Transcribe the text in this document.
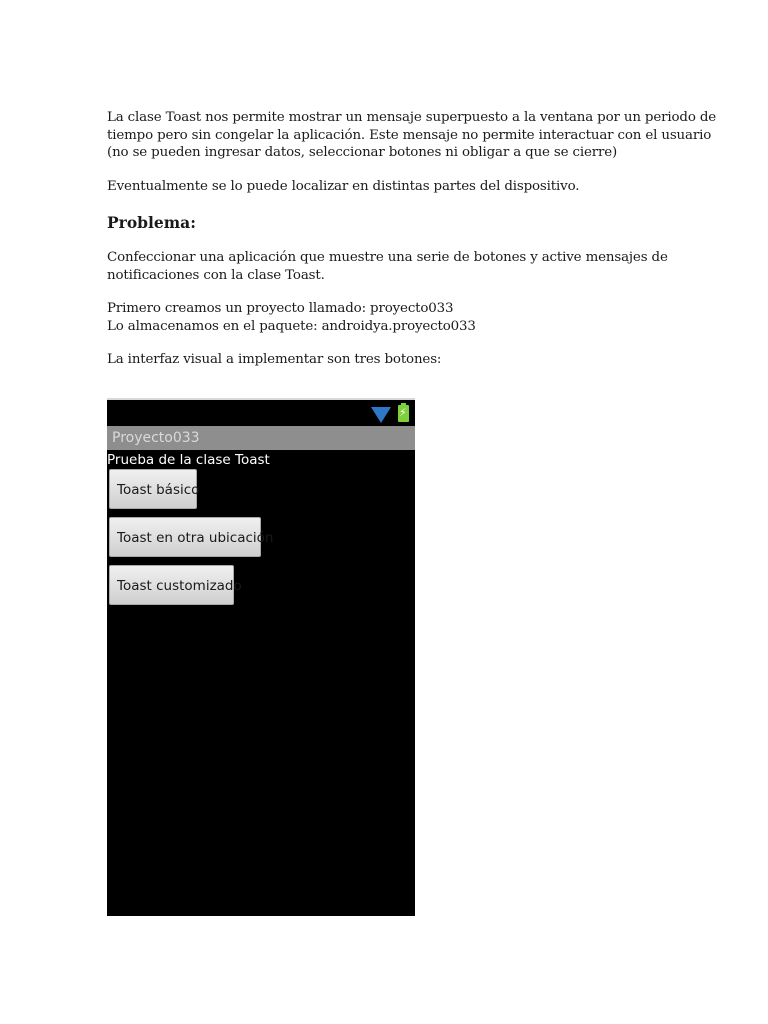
La clase Toast nos permite mostrar un mensaje superpuesto a la ventana por un periodo de
tiempo pero sin congelar la aplicación. Este mensaje no permite interactuar con el usuario
(no se pueden ingresar datos, seleccionar botones ni obligar a que se cierre)

Eventualmente se lo puede localizar en distintas partes del dispositivo.

Problema:

Confeccionar una aplicación que muestre una serie de botones y active mensajes de
notificaciones con la clase Toast.

Primero creamos un proyecto llamado: proyecto033
Lo almacenamos en el paquete: androidya.proyecto033

La interfaz visual a implementar son tres botones:

⚡
Proyecto033
Prueba de la clase Toast
Toast básico
Toast en otra ubicación
Toast customizado
